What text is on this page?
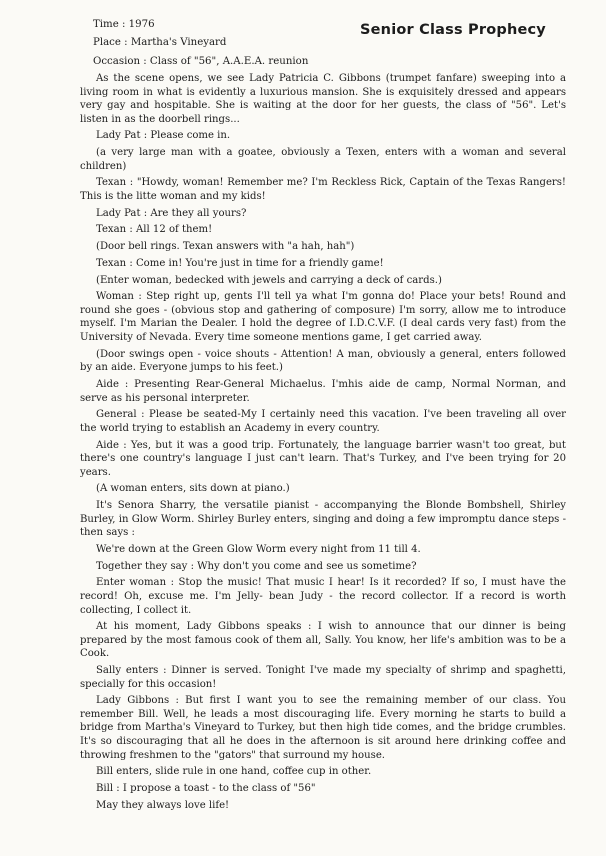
Time : 1976
Place : Martha's Vineyard
Occasion : Class of "56", A.A.E.A. reunion
Senior Class Prophecy

As the scene opens, we see Lady Patricia C. Gibbons (trumpet fanfare) sweeping into a living room in what is evidently a luxurious mansion. She is exquisitely dressed and appears very gay and hospitable. She is waiting at the door for her guests, the class of "56". Let's listen in as the doorbell rings...

Lady Pat : Please come in.

(a very large man with a goatee, obviously a Texen, enters with a woman and several children)

Texan : "Howdy, woman! Remember me? I'm Reckless Rick, Captain of the Texas Rangers! This is the litte woman and my kids!

Lady Pat : Are they all yours?

Texan : All 12 of them!

(Door bell rings. Texan answers with "a hah, hah")

Texan : Come in! You're just in time for a friendly game!

(Enter woman, bedecked with jewels and carrying a deck of cards.)

Woman : Step right up, gents I'll tell ya what I'm gonna do! Place your bets! Round and round she goes - (obvious stop and gathering of composure) I'm sorry, allow me to introduce myself. I'm Marian the Dealer. I hold the degree of I.D.C.V.F. (I deal cards very fast) from the University of Nevada. Every time someone mentions game, I get carried away.

(Door swings open - voice shouts - Attention! A man, obviously a general, enters followed by an aide. Everyone jumps to his feet.)

Aide : Presenting Rear-General Michaelus. I'mhis aide de camp, Normal Norman, and serve as his personal interpreter.

General : Please be seated-My I certainly need this vacation. I've been traveling all over the world trying to establish an Academy in every country.

Aide : Yes, but it was a good trip. Fortunately, the language barrier wasn't too great, but there's one country's language I just can't learn. That's Turkey, and I've been trying for 20 years.

(A woman enters, sits down at piano.)

It's Senora Sharry, the versatile pianist - accompanying the Blonde Bombshell, Shirley Burley, in Glow Worm. Shirley Burley enters, singing and doing a few impromptu dance steps - then says :

We're down at the Green Glow Worm every night from 11 till 4.

Together they say : Why don't you come and see us sometime?

Enter woman : Stop the music! That music I hear! Is it recorded? If so, I must have the record! Oh, excuse me. I'm Jelly- bean Judy - the record collector. If a record is worth collecting, I collect it.

At his moment, Lady Gibbons speaks : I wish to announce that our dinner is being prepared by the most famous cook of them all, Sally. You know, her life's ambition was to be a Cook.

Sally enters : Dinner is served. Tonight I've made my specialty of shrimp and spaghetti, specially for this occasion!

Lady Gibbons : But first I want you to see the remaining member of our class. You remember Bill. Well, he leads a most discouraging life. Every morning he starts to build a bridge from Martha's Vineyard to Turkey, but then high tide comes, and the bridge crumbles. It's so discouraging that all he does in the afternoon is sit around here drinking coffee and throwing freshmen to the "gators" that surround my house.

Bill enters, slide rule in one hand, coffee cup in other.

Bill : I propose a toast - to the class of "56"

May they always love life!
